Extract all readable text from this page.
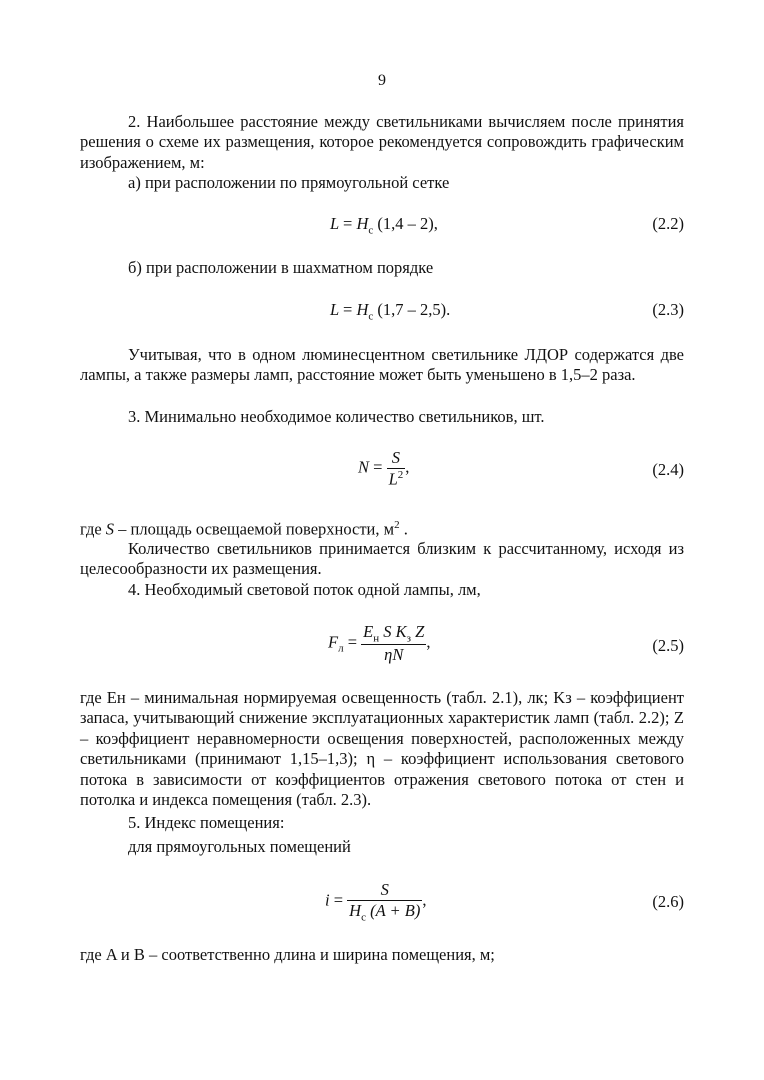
9
2. Наибольшее расстояние между светильниками вычисляем после принятия решения о схеме их размещения, которое рекомендуется сопровождить графическим изображением, м:
а) при расположении по прямоугольной сетке
$L = H_с$ (1,4 – 2),	(2.2)
б) при расположении в шахматном порядке
$L = H_с$ (1,7 – 2,5).	(2.3)
Учитывая, что в одном люминесцентном светильнике ЛДОР содержатся две лампы, а также размеры ламп, расстояние может быть уменьшено в 1,5–2 раза.
3. Минимально необходимое количество светильников, шт.
$N = \frac{S}{L^2}$ ,	(2.4)
где S – площадь освещаемой поверхности, $м^2$ .
Количество светильников принимается близким к рассчитанному, исходя из целесообразности их размещения.
4. Необходимый световой поток одной лампы, лм,
$F_л = \frac{E_н S K_з Z}{\eta N}$ ,	(2.5)
где Eн – минимальная нормируемая освещенность (табл. 2.1), лк; Kз – коэффициент запаса, учитывающий снижение эксплуатационных характеристик ламп (табл. 2.2); Z – коэффициент неравномерности освещения поверхностей, расположенных между светильниками (принимают 1,15–1,3); η – коэффициент использования светового потока в зависимости от коэффициентов отражения светового потока от стен и потолка и индекса помещения (табл. 2.3).
5. Индекс помещения:
для прямоугольных помещений
$i = \frac{S}{H_с (A + B)}$ ,	(2.6)
где A и B – соответственно длина и ширина помещения, м;
